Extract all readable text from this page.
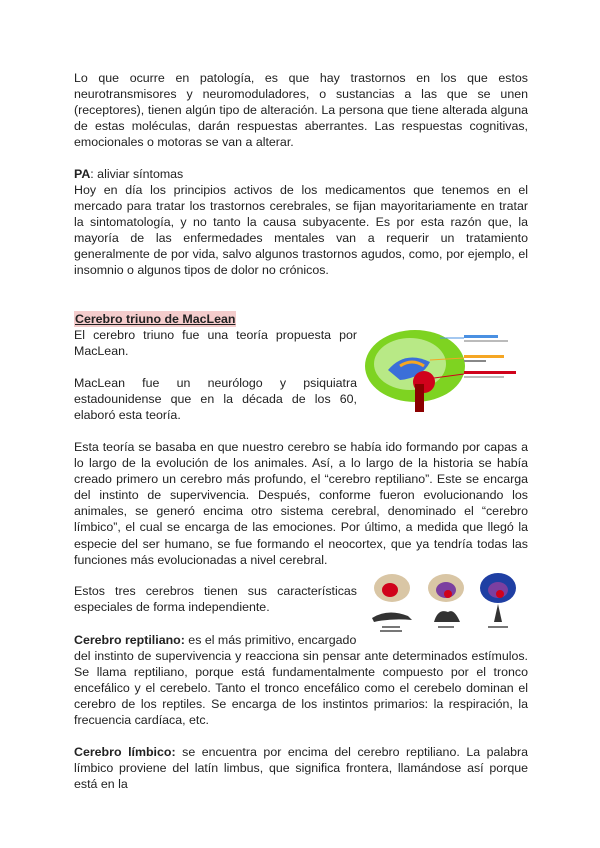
Lo que ocurre en patología, es que hay trastornos en los que estos neurotransmisores y neuromoduladores, o sustancias a las que se unen (receptores), tienen algún tipo de alteración. La persona que tiene alterada alguna de estas moléculas, darán respuestas aberrantes. Las respuestas cognitivas, emocionales o motoras se van a alterar.

PA: aliviar síntomas

Hoy en día los principios activos de los medicamentos que tenemos en el mercado para tratar los trastornos cerebrales, se fijan mayoritariamente en tratar la sintomatología, y no tanto la causa subyacente. Es por esta razón que, la mayoría de las enfermedades mentales van a requerir un tratamiento generalmente de por vida, salvo algunos trastornos agudos, como, por ejemplo, el insomnio o algunos tipos de dolor no crónicos.

Cerebro triuno de MacLean

El cerebro triuno fue una teoría propuesta por MacLean.

MacLean fue un neurólogo y psiquiatra estadounidense que en la década de los 60, elaboró esta teoría.

Esta teoría se basaba en que nuestro cerebro se había ido formando por capas a lo largo de la evolución de los animales. Así, a lo largo de la historia se había creado primero un cerebro más profundo, el “cerebro reptiliano”. Este se encarga del instinto de supervivencia. Después, conforme fueron evolucionando los animales, se generó encima otro sistema cerebral, denominado el “cerebro límbico”, el cual se encarga de las emociones. Por último, a medida que llegó la especie del ser humano, se fue formando el neocortex, que ya tendría todas las funciones más evolucionadas a nivel cerebral.

Estos tres cerebros tienen sus características especiales de forma independiente.

Cerebro reptiliano: es el más primitivo, encargado

del instinto de supervivencia y reacciona sin pensar ante determinados estímulos. Se llama reptiliano, porque está fundamentalmente compuesto por el tronco encefálico y el cerebelo. Tanto el tronco encefálico como el cerebelo dominan el cerebro de los reptiles. Se encarga de los instintos primarios: la respiración, la frecuencia cardíaca, etc.

Cerebro límbico: se encuentra por encima del cerebro reptiliano. La palabra límbico proviene del latín limbus, que significa frontera, llamándose así porque está en la
